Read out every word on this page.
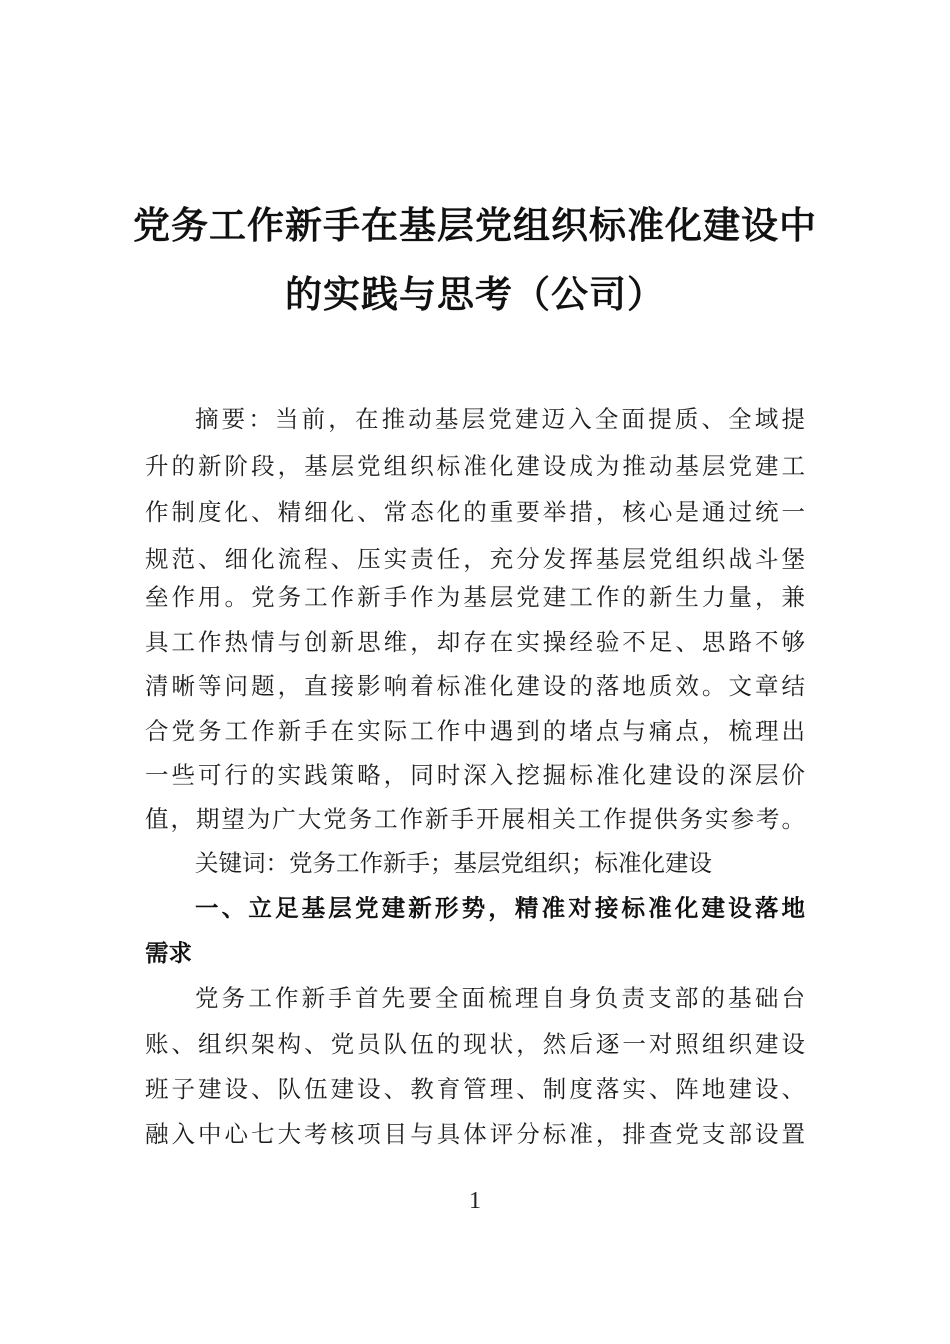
党务工作新手在基层党组织标准化建设中
的实践与思考（公司）
摘要：当前，在推动基层党建迈入全面提质、全域提
升的新阶段，基层党组织标准化建设成为推动基层党建工
作制度化、精细化、常态化的重要举措，核心是通过统一
规范、细化流程、压实责任，充分发挥基层党组织战斗堡
垒作用。党务工作新手作为基层党建工作的新生力量，兼
具工作热情与创新思维，却存在实操经验不足、思路不够
清晰等问题，直接影响着标准化建设的落地质效。文章结
合党务工作新手在实际工作中遇到的堵点与痛点，梳理出
一些可行的实践策略，同时深入挖掘标准化建设的深层价
值，期望为广大党务工作新手开展相关工作提供务实参考。
关键词：党务工作新手；基层党组织；标准化建设
一、立足基层党建新形势，精准对接标准化建设落地
需求
党务工作新手首先要全面梳理自身负责支部的基础台
账、组织架构、党员队伍的现状，然后逐一对照组织建设
班子建设、队伍建设、教育管理、制度落实、阵地建设、
融入中心七大考核项目与具体评分标准，排查党支部设置
1
